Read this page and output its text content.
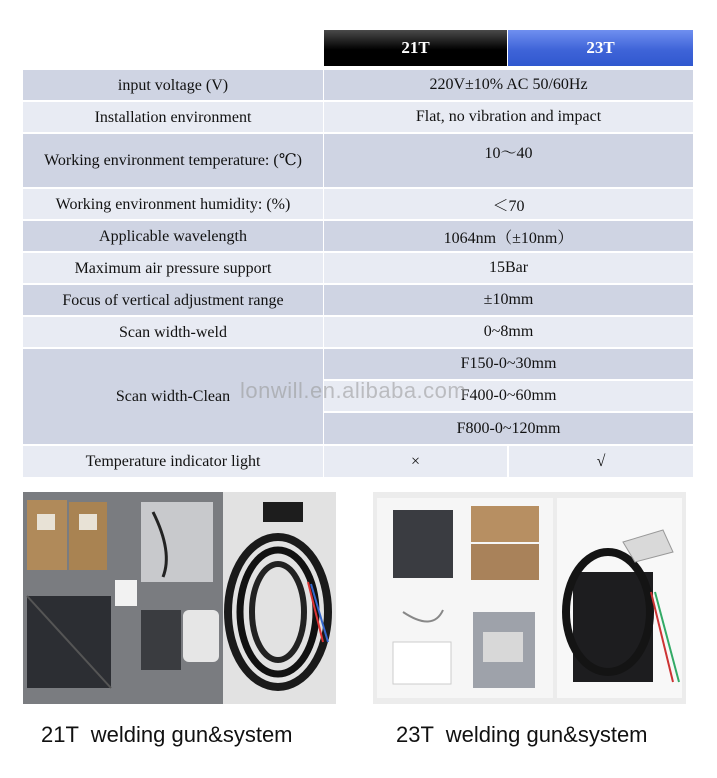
21T	23T
input voltage (V)	220V±10% AC 50/60Hz
Installation environment	Flat, no vibration and impact
Working environment temperature: (℃)	10～40
Working environment humidity: (%)	＜70
Applicable wavelength	1064nm（±10nm）
Maximum air pressure support	15Bar
Focus of vertical adjustment range	±10mm
Scan width-weld	0~8mm
Scan width-Clean
F150-0~30mm
F400-0~60mm
F800-0~120mm
Temperature indicator light	×	√
lonwill.en.alibaba.com
21T  welding gun&system	23T  welding gun&system
